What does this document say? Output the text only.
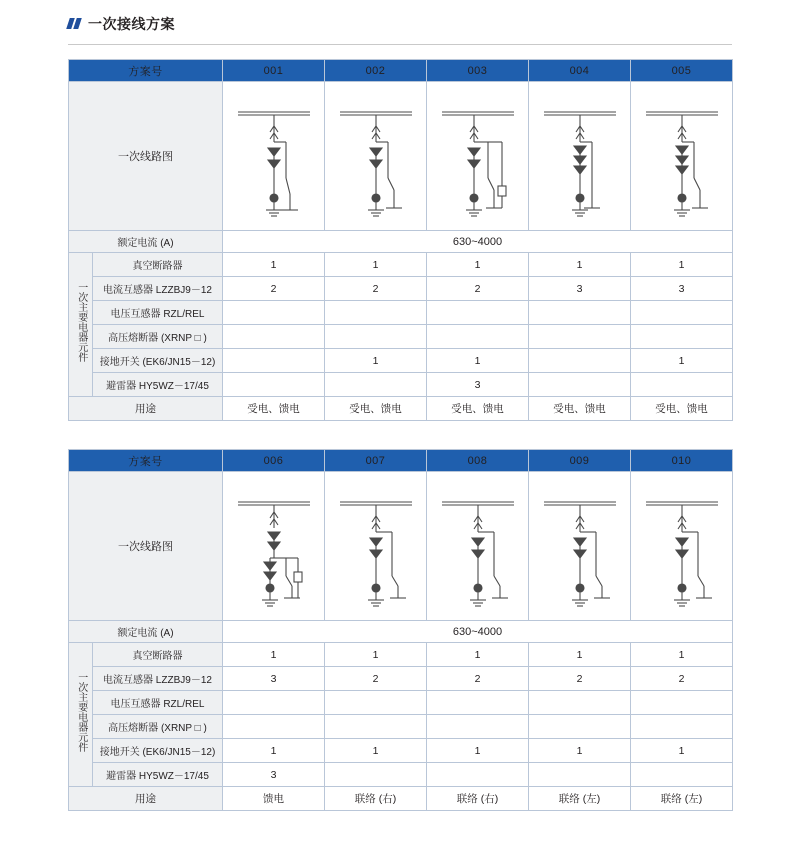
一次接线方案
方案号		001	002	003	004	005
一次线路图	

额定电流 (A)		630~4000				
一次主要电器元件	真空断路器	1	1	1	1	1
	电流互感器 LZZBJ9－12	2	2	2	3	3
	电压互感器 RZL/REL					
	高压熔断器 (XRNP □ )					
	接地开关 (EK6/JN15－12)		1	1		1
	避雷器 HY5WZ－17/45			3		
用途		受电、馈电	受电、馈电	受电、馈电	受电、馈电	受电、馈电
方案号		006	007	008	009	010
一次线路图	

额定电流 (A)		630~4000				
一次主要电器元件	真空断路器	1	1	1	1	1
	电流互感器 LZZBJ9－12	3	2	2	2	2
	电压互感器 RZL/REL					
	高压熔断器 (XRNP □ )					
	接地开关 (EK6/JN15－12)	1	1	1	1	1
	避雷器 HY5WZ－17/45	3				
用途		馈电	联络 (右)	联络 (右)	联络 (左)	联络 (左)
